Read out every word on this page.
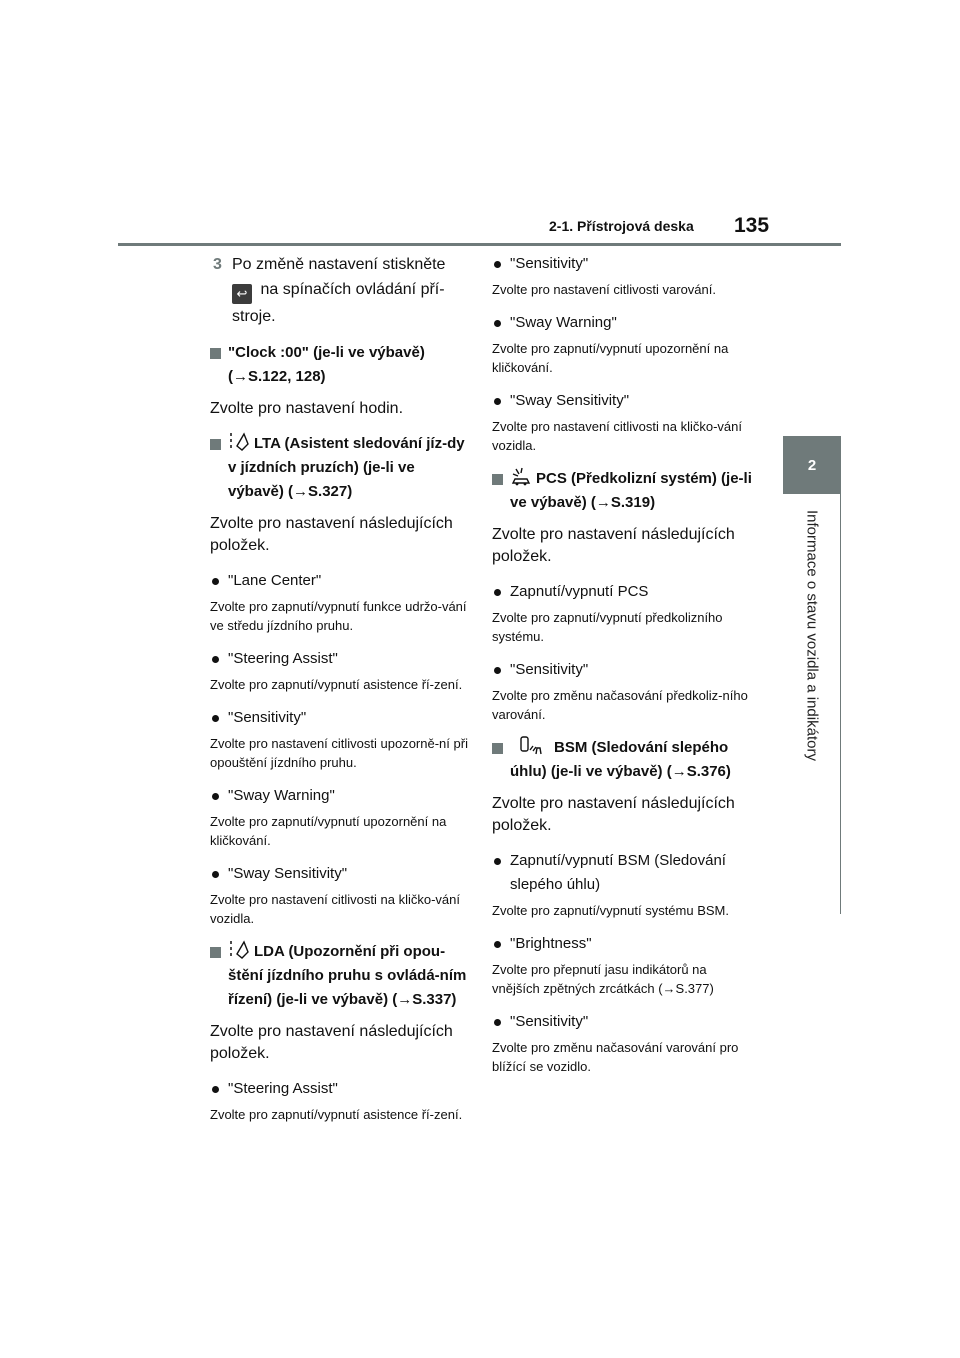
2-1. Přístrojová deska 135
2
Informace o stavu vozidla a indikátory
3 Po změně nastavení stiskněte
↩ na spínačích ovládání pří-stroje.
"Clock :00" (je-li ve výbavě) (→S.122, 128)
Zvolte pro nastavení hodin.
LTA (Asistent sledování jíz-dy v jízdních pruzích) (je-li ve výbavě) (→S.327)
Zvolte pro nastavení následujících položek.
"Lane Center"
Zvolte pro zapnutí/vypnutí funkce udržo-vání ve středu jízdního pruhu.
"Steering Assist"
Zvolte pro zapnutí/vypnutí asistence ří-zení.
"Sensitivity"
Zvolte pro nastavení citlivosti upozorně-ní při opouštění jízdního pruhu.
"Sway Warning"
Zvolte pro zapnutí/vypnutí upozornění na kličkování.
"Sway Sensitivity"
Zvolte pro nastavení citlivosti na kličko-vání vozidla.
LDA (Upozornění při opou-štění jízdního pruhu s ovládá-ním řízení) (je-li ve výbavě) (→S.337)
Zvolte pro nastavení následujících položek.
"Steering Assist"
Zvolte pro zapnutí/vypnutí asistence ří-zení.
"Sensitivity"
Zvolte pro nastavení citlivosti varování.
"Sway Warning"
Zvolte pro zapnutí/vypnutí upozornění na kličkování.
"Sway Sensitivity"
Zvolte pro nastavení citlivosti na kličko-vání vozidla.
PCS (Předkolizní systém) (je-li ve výbavě) (→S.319)
Zvolte pro nastavení následujících položek.
Zapnutí/vypnutí PCS
Zvolte pro zapnutí/vypnutí předkolizního systému.
"Sensitivity"
Zvolte pro změnu načasování předkoliz-ního varování.
BSM (Sledování slepého úhlu) (je-li ve výbavě) (→S.376)
Zvolte pro nastavení následujících položek.
Zapnutí/vypnutí BSM (Sledování slepého úhlu)
Zvolte pro zapnutí/vypnutí systému BSM.
"Brightness"
Zvolte pro přepnutí jasu indikátorů na vnějších zpětných zrcátkách (→S.377)
"Sensitivity"
Zvolte pro změnu načasování varování pro blížící se vozidlo.
